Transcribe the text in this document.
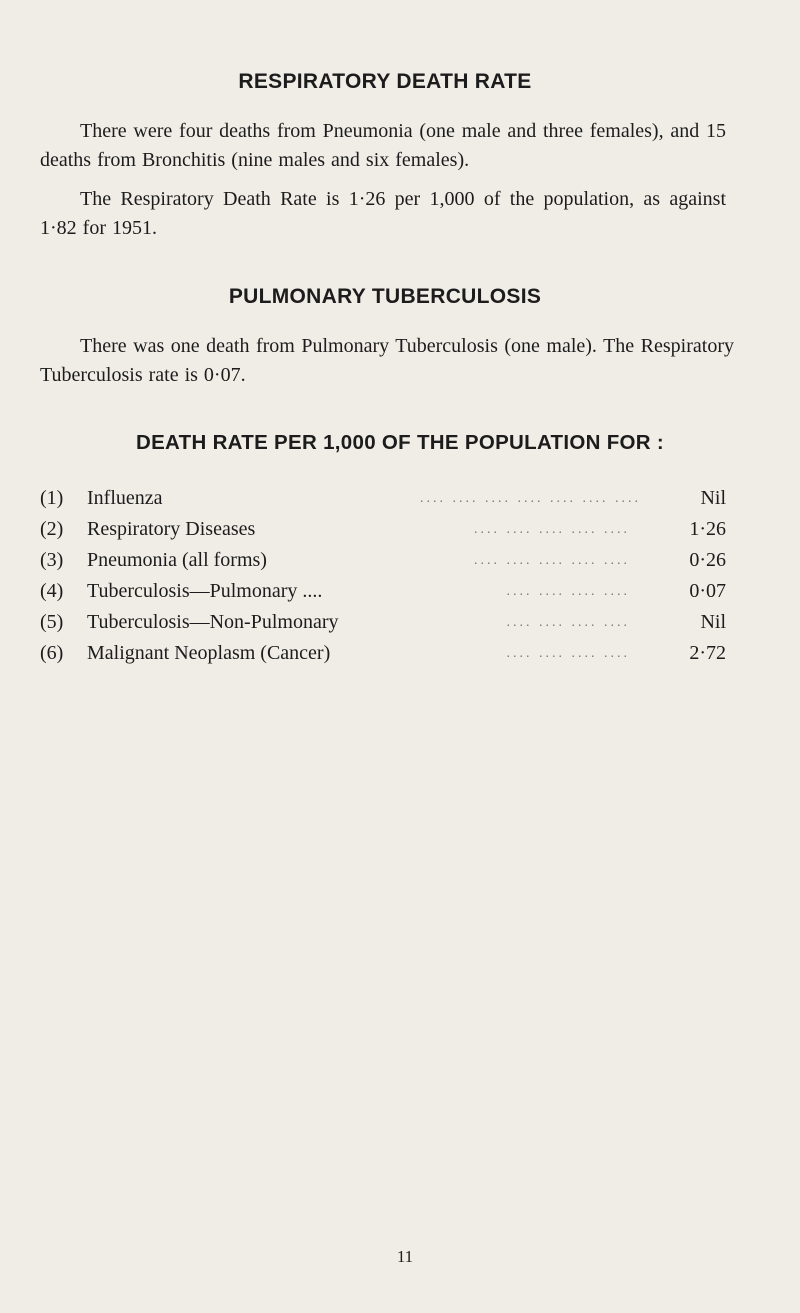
RESPIRATORY DEATH RATE
There were four deaths from Pneumonia (one male and three females), and 15 deaths from Bronchitis (nine males and six females).
The Respiratory Death Rate is 1·26 per 1,000 of the population, as against 1·82 for 1951.
PULMONARY TUBERCULOSIS
There was one death from Pulmonary Tuberculosis (one male). The Respiratory Tuberculosis rate is 0·07.
DEATH RATE PER 1,000 OF THE POPULATION FOR :
(1)	Influenza	.... .... .... .... .... .... ....	Nil
(2)	Respiratory Diseases	.... .... .... .... ....	1·26
(3)	Pneumonia (all forms)	.... .... .... .... ....	0·26
(4)	Tuberculosis—Pulmonary ....	.... .... .... ....	0·07
(5)	Tuberculosis—Non-Pulmonary	.... .... .... ....	Nil
(6)	Malignant Neoplasm (Cancer)	.... .... .... ....	2·72
11
